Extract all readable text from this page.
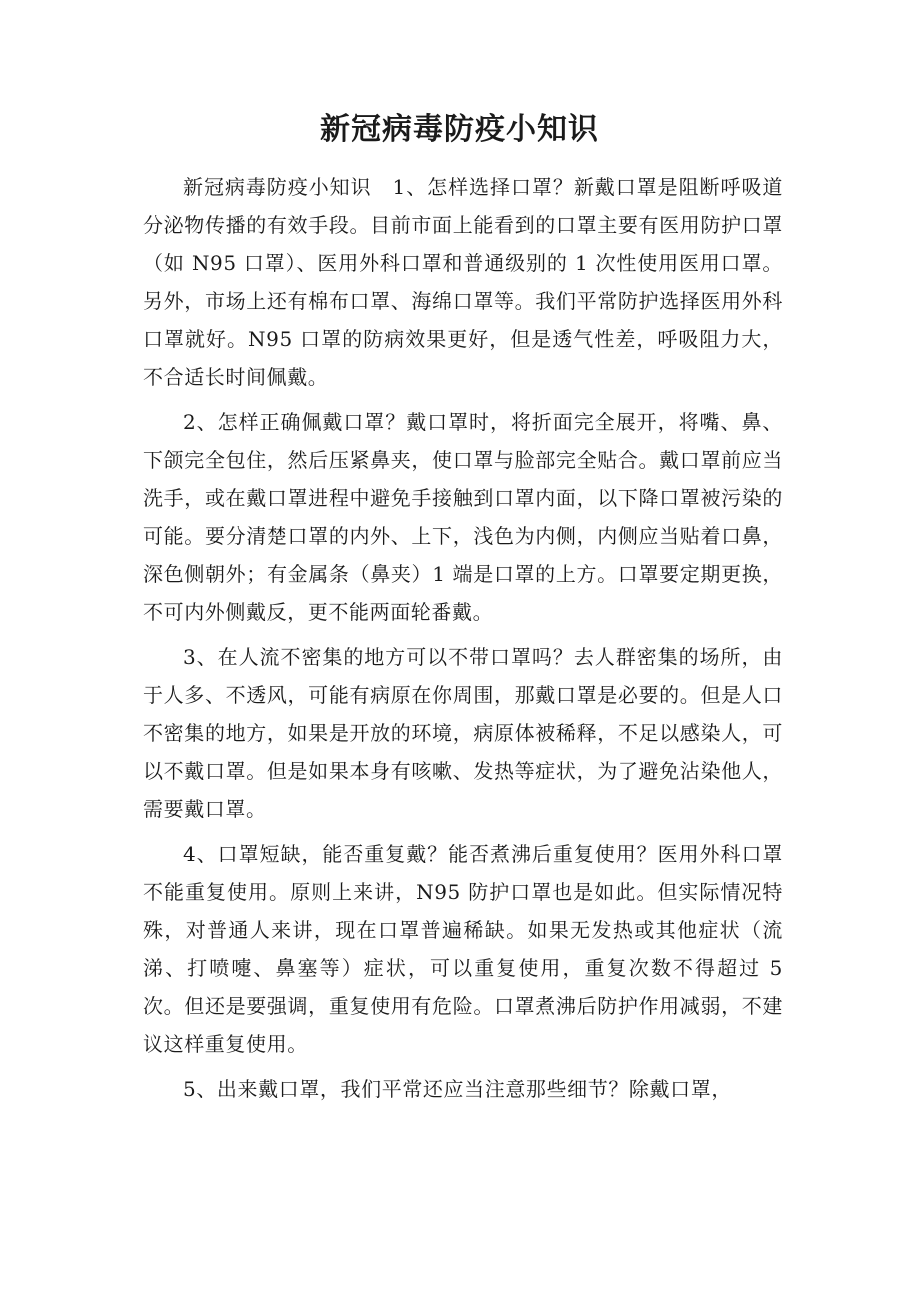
新冠病毒防疫小知识

新冠病毒防疫小知识　1、怎样选择口罩？新戴口罩是阻断呼吸道分泌物传播的有效手段。目前市面上能看到的口罩主要有医用防护口罩（如 N95 口罩）、医用外科口罩和普通级别的 1 次性使用医用口罩。另外，市场上还有棉布口罩、海绵口罩等。我们平常防护选择医用外科口罩就好。N95 口罩的防病效果更好，但是透气性差，呼吸阻力大，不合适长时间佩戴。

2、怎样正确佩戴口罩？戴口罩时，将折面完全展开，将嘴、鼻、下颌完全包住，然后压紧鼻夹，使口罩与脸部完全贴合。戴口罩前应当洗手，或在戴口罩进程中避免手接触到口罩内面，以下降口罩被污染的可能。要分清楚口罩的内外、上下，浅色为内侧，内侧应当贴着口鼻，深色侧朝外；有金属条（鼻夹）1 端是口罩的上方。口罩要定期更换，不可内外侧戴反，更不能两面轮番戴。

3、在人流不密集的地方可以不带口罩吗？去人群密集的场所，由于人多、不透风，可能有病原在你周围，那戴口罩是必要的。但是人口不密集的地方，如果是开放的环境，病原体被稀释，不足以感染人，可以不戴口罩。但是如果本身有咳嗽、发热等症状，为了避免沾染他人，需要戴口罩。

4、口罩短缺，能否重复戴？能否煮沸后重复使用？医用外科口罩不能重复使用。原则上来讲，N95 防护口罩也是如此。但实际情况特殊，对普通人来讲，现在口罩普遍稀缺。如果无发热或其他症状（流涕、打喷嚏、鼻塞等）症状，可以重复使用，重复次数不得超过 5 次。但还是要强调，重复使用有危险。口罩煮沸后防护作用减弱，不建议这样重复使用。

5、出来戴口罩，我们平常还应当注意那些细节？除戴口罩，
